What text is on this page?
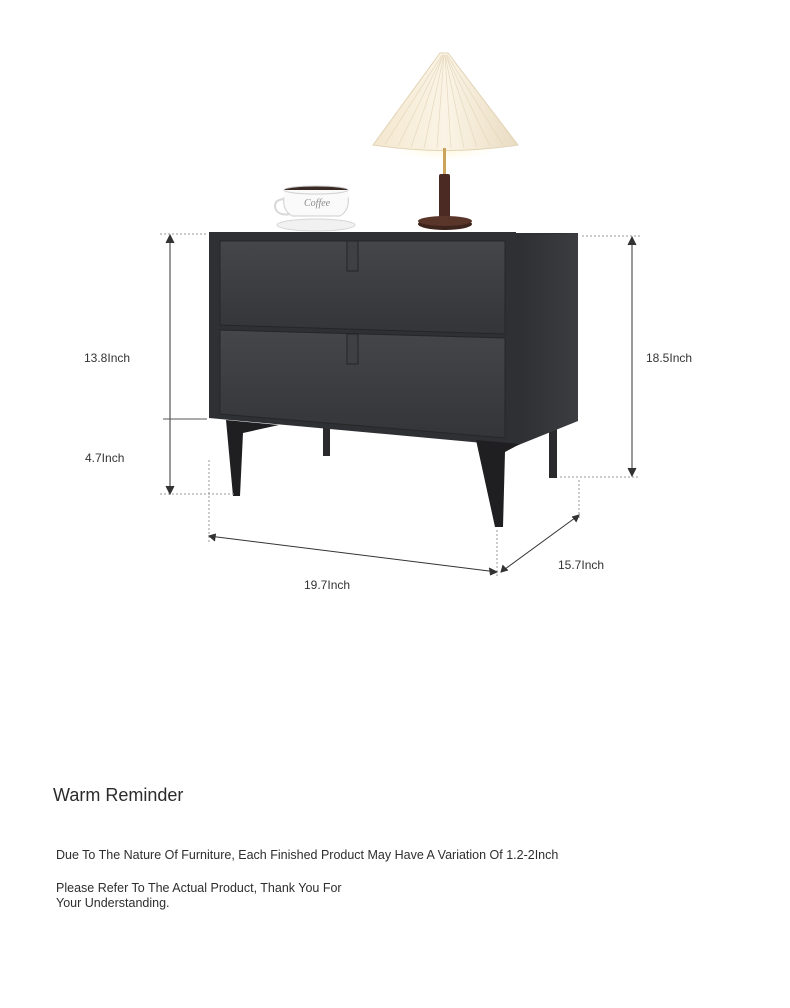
Coffee
13.8Inch
4.7Inch
18.5Inch
19.7Inch
15.7Inch
Warm Reminder

Due To The Nature Of Furniture, Each Finished Product May Have A Variation Of 1.2-2Inch

Please Refer To The Actual Product, Thank You For Your Understanding.
